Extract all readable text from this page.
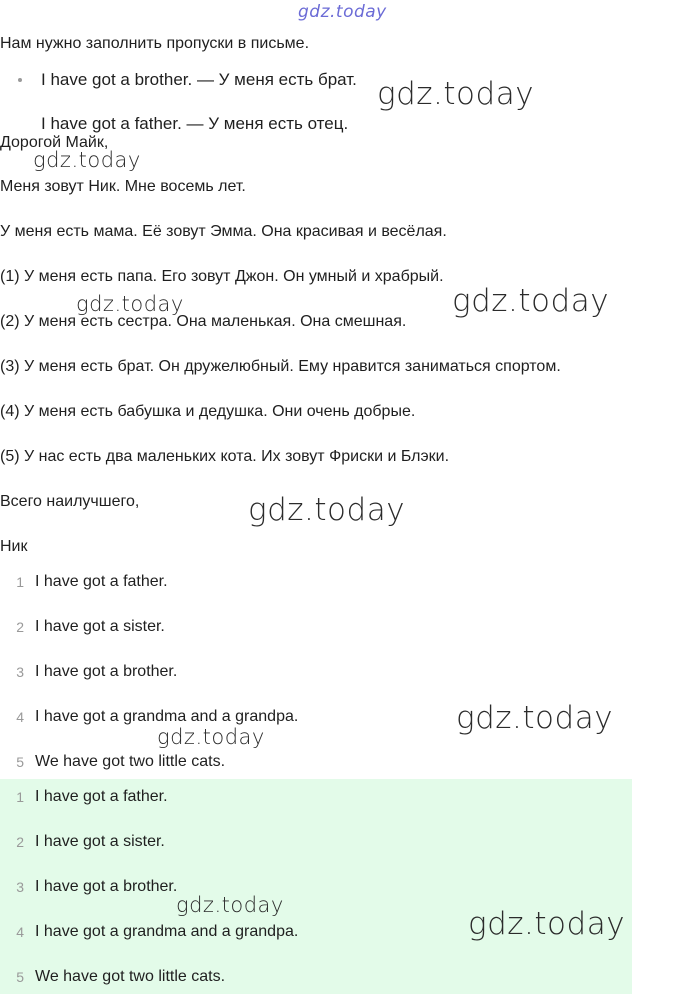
gdz.today
Нам нужно заполнить пропуски в письме.
I have got a brother. — У меня есть брат.
I have got a father. — У меня есть отец.
Дорогой Майк,
Меня зовут Ник. Мне восемь лет.
У меня есть мама. Её зовут Эмма. Она красивая и весёлая.
(1) У меня есть папа. Его зовут Джон. Он умный и храбрый.
(2) У меня есть сестра. Она маленькая. Она смешная.
(3) У меня есть брат. Он дружелюбный. Ему нравится заниматься спортом.
(4) У меня есть бабушка и дедушка. Они очень добрые.
(5) У нас есть два маленьких кота. Их зовут Фриски и Блэки.
Всего наилучшего,
Ник
1 I have got a father.
2 I have got a sister.
3 I have got a brother.
4 I have got a grandma and a grandpa.
5 We have got two little cats.
1 I have got a father.
2 I have got a sister.
3 I have got a brother.
4 I have got a grandma and a grandpa.
5 We have got two little cats.
gdz.today
gdz.today
gdz.today	gdz.today
gdz.today
gdz.today
gdz.today
gdz.today
gdz.today
